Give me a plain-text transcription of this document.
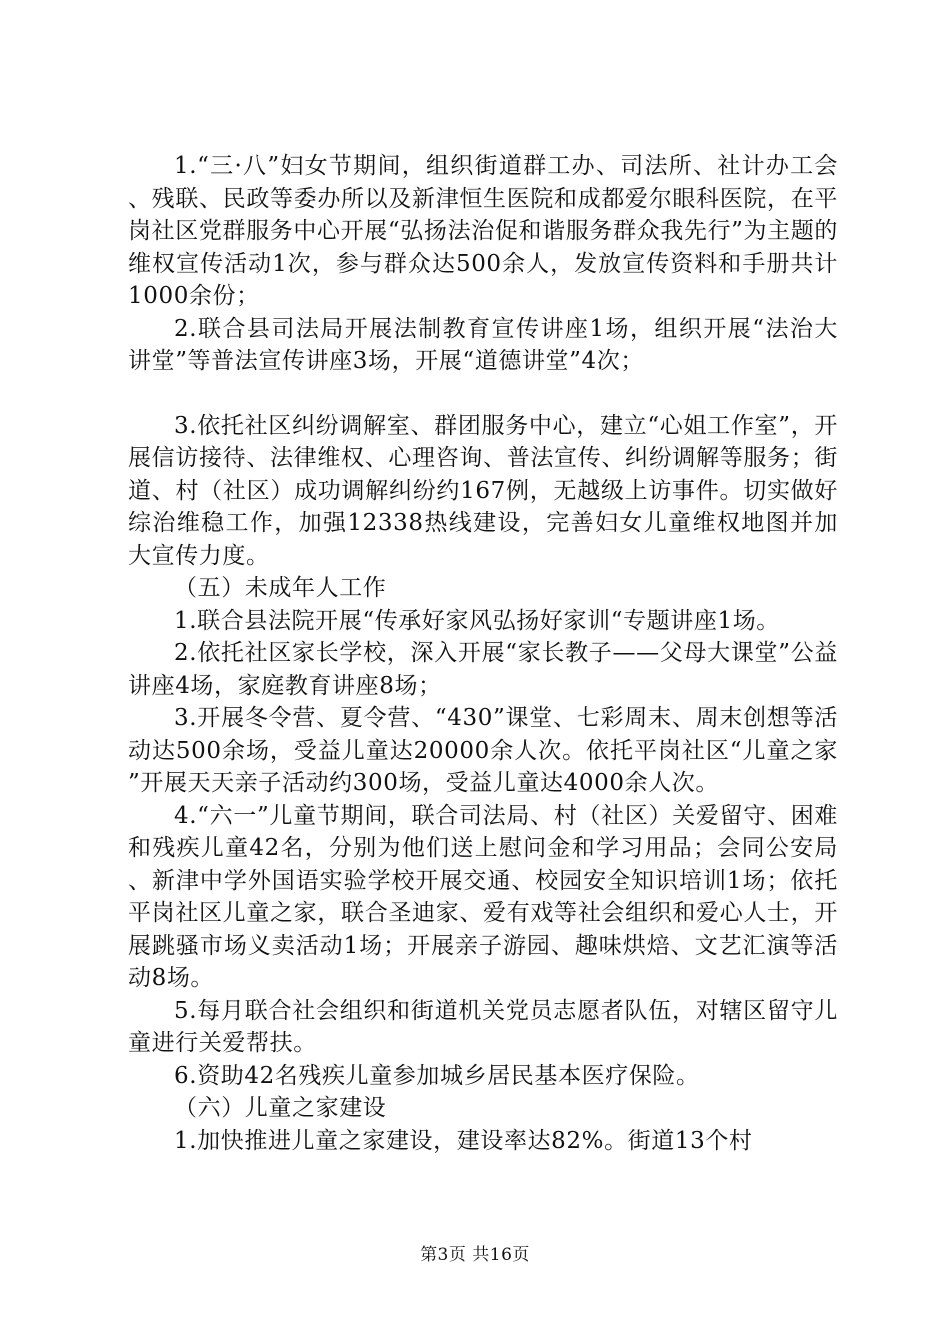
1.“三·八”妇女节期间，组织街道群工办、司法所、社计办工会、残联、民政等委办所以及新津恒生医院和成都爱尔眼科医院，在平岗社区党群服务中心开展“弘扬法治促和谐服务群众我先行”为主题的维权宣传活动1次，参与群众达500余人，发放宣传资料和手册共计1000余份；

2.联合县司法局开展法制教育宣传讲座1场，组织开展“法治大讲堂”等普法宣传讲座3场，开展“道德讲堂”4次；

3.依托社区纠纷调解室、群团服务中心，建立“心姐工作室”，开展信访接待、法律维权、心理咨询、普法宣传、纠纷调解等服务；街道、村（社区）成功调解纠纷约167例，无越级上访事件。切实做好综治维稳工作，加强12338热线建设，完善妇女儿童维权地图并加大宣传力度。

（五）未成年人工作

1.联合县法院开展“传承好家风弘扬好家训“专题讲座1场。

2.依托社区家长学校，深入开展“家长教子——父母大课堂”公益讲座4场，家庭教育讲座8场；

3.开展冬令营、夏令营、“430”课堂、七彩周末、周末创想等活动达500余场，受益儿童达20000余人次。依托平岗社区“儿童之家”开展天天亲子活动约300场，受益儿童达4000余人次。

4.“六一”儿童节期间，联合司法局、村（社区）关爱留守、困难和残疾儿童42名，分别为他们送上慰问金和学习用品；会同公安局、新津中学外国语实验学校开展交通、校园安全知识培训1场；依托平岗社区儿童之家，联合圣迪家、爱有戏等社会组织和爱心人士，开展跳骚市场义卖活动1场；开展亲子游园、趣味烘焙、文艺汇演等活动8场。

5.每月联合社会组织和街道机关党员志愿者队伍，对辖区留守儿童进行关爱帮扶。

6.资助42名残疾儿童参加城乡居民基本医疗保险。

（六）儿童之家建设

1.加快推进儿童之家建设，建设率达82%。街道13个村

第3页 共16页
